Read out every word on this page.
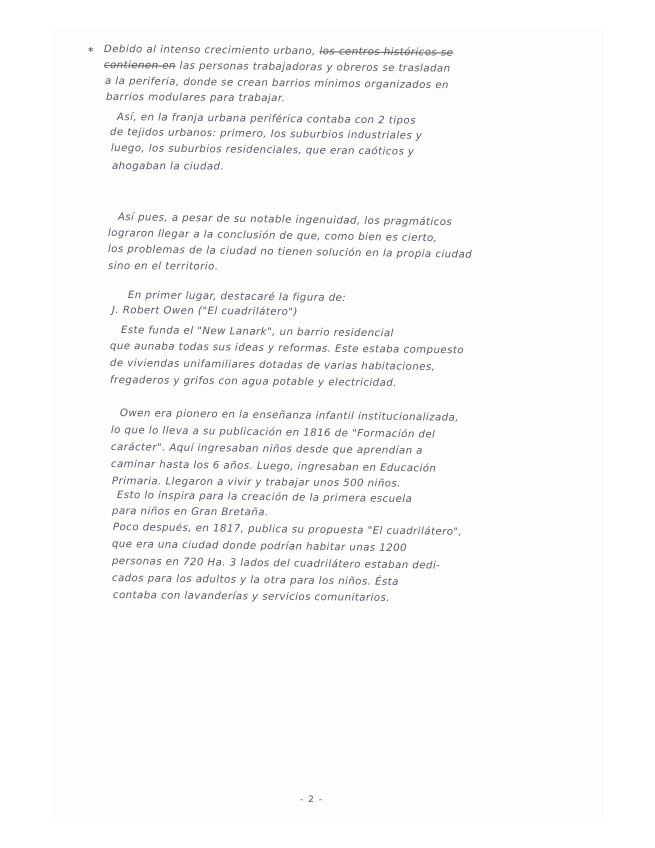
* Debido al intenso crecimiento urbano, los centros históricos se
contienen en las personas trabajadoras y obreros se trasladan
a la periferia, donde se crean barrios mínimos organizados en
barrios modulares para trabajar.
Así, en la franja urbana periférica contaba con 2 tipos
de tejidos urbanos: primero, los suburbios industriales y
luego, los suburbios residenciales, que eran caóticos y
ahogaban la ciudad.
Así pues, a pesar de su notable ingenuidad, los pragmáticos
lograron llegar a la conclusión de que, como bien es cierto,
los problemas de la ciudad no tienen solución en la propia ciudad
sino en el territorio.
En primer lugar, destacaré la figura de:
J. Robert Owen ("El cuadrilátero")
Este funda el "New Lanark", un barrio residencial
que aunaba todas sus ideas y reformas. Este estaba compuesto
de viviendas unifamiliares dotadas de varias habitaciones,
fregaderos y grifos con agua potable y electricidad.
Owen era pionero en la enseñanza infantil institucionalizada,
lo que lo lleva a su publicación en 1816 de "Formación del
carácter". Aquí ingresaban niños desde que aprendían a
caminar hasta los 6 años. Luego, ingresaban en Educación
Primaria. Llegaron a vivir y trabajar unos 500 niños.
Esto lo inspira para la creación de la primera escuela
para niños en Gran Bretaña.
Poco después, en 1817, publica su propuesta "El cuadrilátero",
que era una ciudad donde podrían habitar unas 1200
personas en 720 Ha. 3 lados del cuadrilátero estaban dedi-
cados para los adultos y la otra para los niños. Ésta
contaba con lavanderías y servicios comunitarios.
- 2 -
